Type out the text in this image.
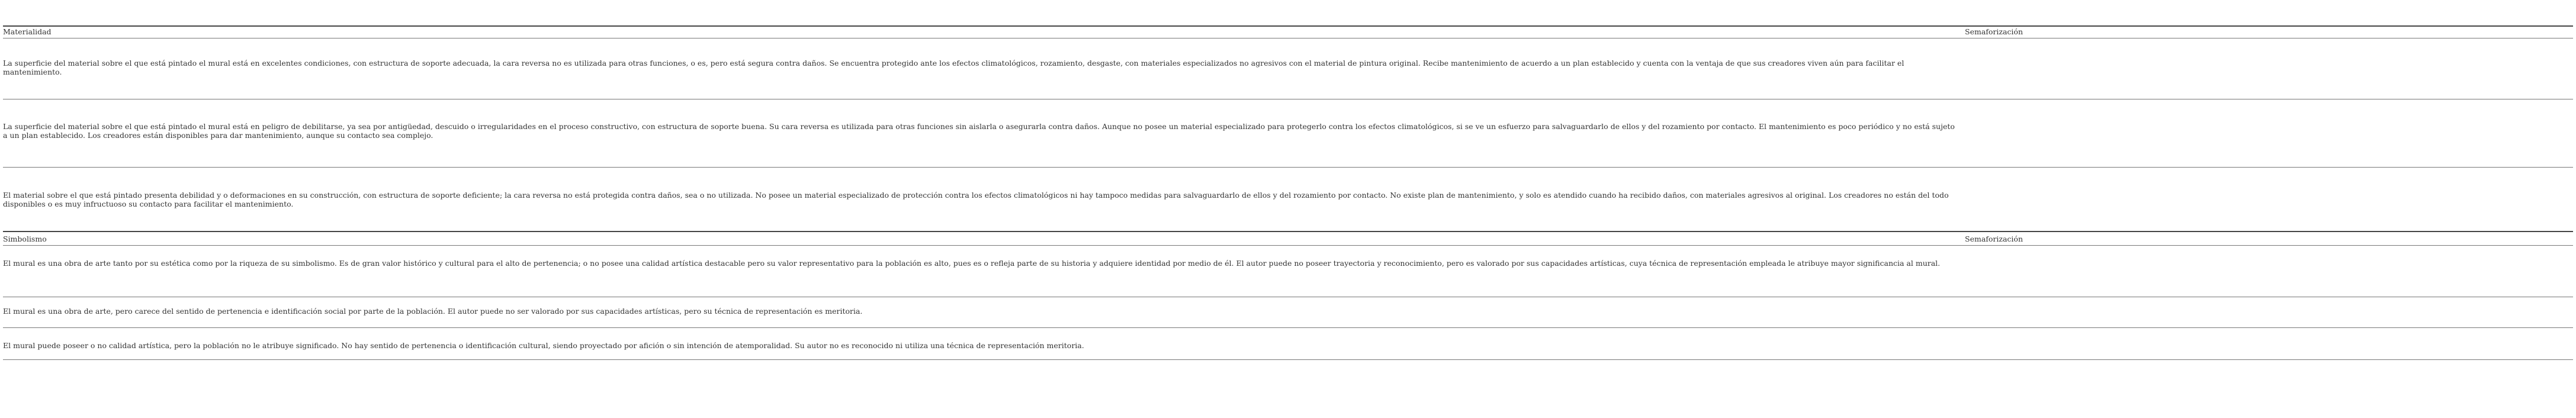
Materialidad	Semaforización
La superficie del material sobre el que está pintado el mural está en excelentes condiciones, con estructura de soporte adecuada, la cara reversa no es utilizada para otras funciones, o es, pero está segura contra daños. Se encuentra protegido ante los efectos climatológicos, rozamiento, desgaste, con materiales especializados no agresivos con el material de pintura original. Recibe mantenimiento de acuerdo a un plan establecido y cuenta con la ventaja de que sus creadores viven aún para facilitar el mantenimiento.
La superficie del material sobre el que está pintado el mural está en peligro de debilitarse, ya sea por antigüedad, descuido o irregularidades en el proceso constructivo, con estructura de soporte buena. Su cara reversa es utilizada para otras funciones sin aislarla o asegurarla contra daños. Aunque no posee un material especializado para protegerlo contra los efectos climatológicos, si se ve un esfuerzo para salvaguardarlo de ellos y del rozamiento por contacto. El mantenimiento es poco periódico y no está sujeto a un plan establecido. Los creadores están disponibles para dar mantenimiento, aunque su contacto sea complejo.
El material sobre el que está pintado presenta debilidad y o deformaciones en su construcción, con estructura de soporte deficiente; la cara reversa no está protegida contra daños, sea o no utilizada. No posee un material especializado de protección contra los efectos climatológicos ni hay tampoco medidas para salvaguardarlo de ellos y del rozamiento por contacto. No existe plan de mantenimiento, y solo es atendido cuando ha recibido daños, con materiales agresivos al original. Los creadores no están del todo disponibles o es muy infructuoso su contacto para facilitar el mantenimiento.
Simbolismo	Semaforización
El mural es una obra de arte tanto por su estética como por la riqueza de su simbolismo. Es de gran valor histórico y cultural para el alto de pertenencia; o no posee una calidad artística destacable pero su valor representativo para la población es alto, pues es o refleja parte de su historia y adquiere identidad por medio de él. El autor puede no poseer trayectoria y reconocimiento, pero es valorado por sus capacidades artísticas, cuya técnica de representación empleada le atribuye mayor significancia al mural.
El mural es una obra de arte, pero carece del sentido de pertenencia e identificación social por parte de la población. El autor puede no ser valorado por sus capacidades artísticas, pero su técnica de representación es meritoria.
El mural puede poseer o no calidad artística, pero la población no le atribuye significado. No hay sentido de pertenencia o identificación cultural, siendo proyectado por afición o sin intención de atemporalidad. Su autor no es reconocido ni utiliza una técnica de representación meritoria.
